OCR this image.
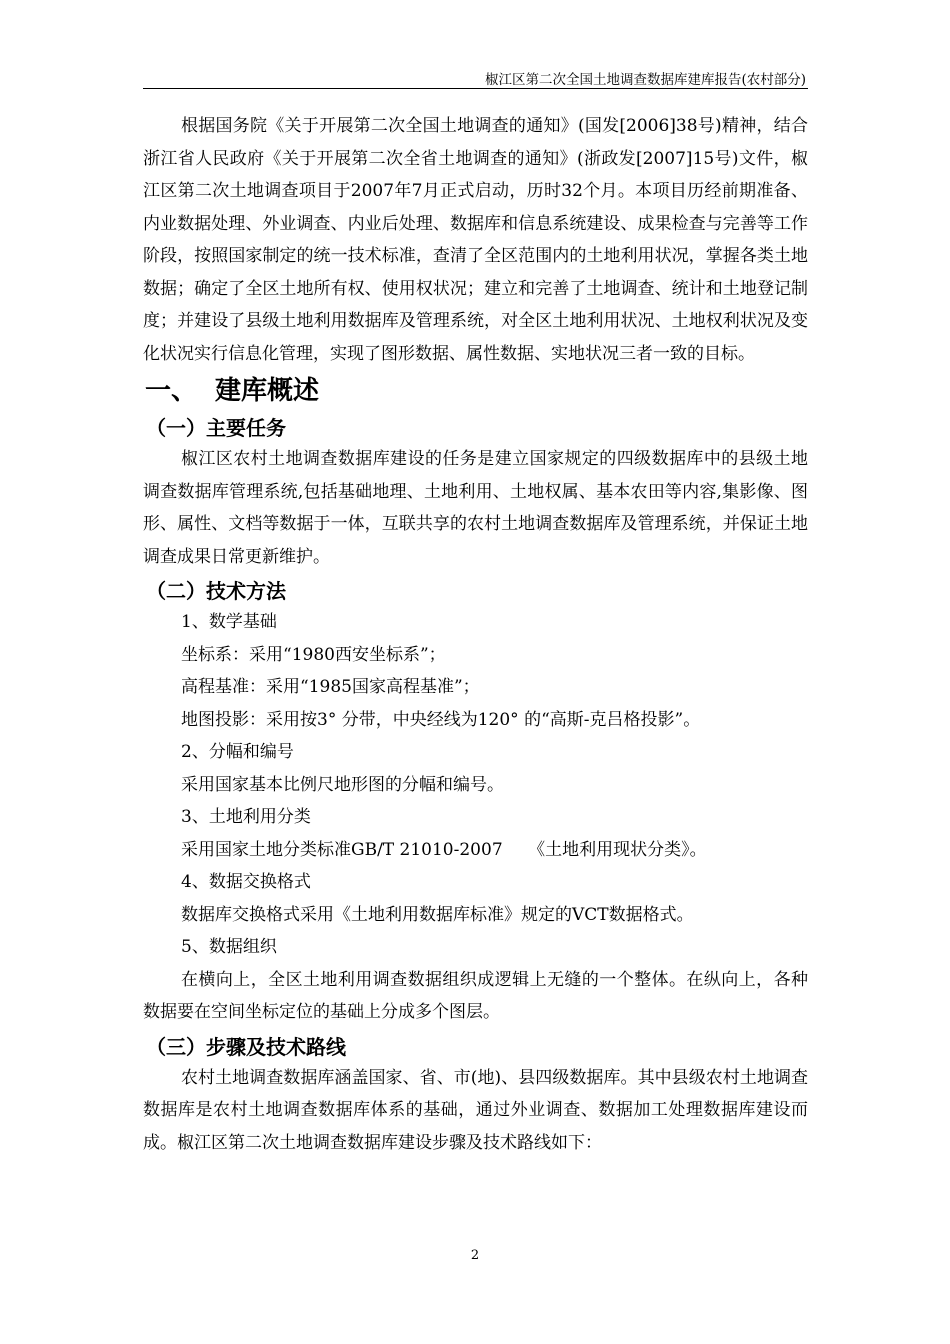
椒江区第二次全国土地调查数据库建库报告(农村部分)

根据国务院《关于开展第二次全国土地调查的通知》(国发[2006]38号)精神，结合浙江省人民政府《关于开展第二次全省土地调查的通知》(浙政发[2007]15号)文件，椒江区第二次土地调查项目于2007年7月正式启动，历时32个月。本项目历经前期准备、内业数据处理、外业调查、内业后处理、数据库和信息系统建设、成果检查与完善等工作阶段，按照国家制定的统一技术标准，查清了全区范围内的土地利用状况，掌握各类土地数据；确定了全区土地所有权、使用权状况；建立和完善了土地调查、统计和土地登记制度；并建设了县级土地利用数据库及管理系统，对全区土地利用状况、土地权利状况及变化状况实行信息化管理，实现了图形数据、属性数据、实地状况三者一致的目标。

一、 建库概述
（一）主要任务

椒江区农村土地调查数据库建设的任务是建立国家规定的四级数据库中的县级土地调查数据库管理系统,包括基础地理、土地利用、土地权属、基本农田等内容,集影像、图形、属性、文档等数据于一体，互联共享的农村土地调查数据库及管理系统，并保证土地调查成果日常更新维护。

（二）技术方法

1、数学基础

坐标系：采用“1980西安坐标系”；

高程基准：采用“1985国家高程基准”；

地图投影：采用按3° 分带，中央经线为120° 的“高斯-克吕格投影”。

2、分幅和编号

采用国家基本比例尺地形图的分幅和编号。

3、土地利用分类

采用国家土地分类标准GB/T 21010-2007　　《土地利用现状分类》。

4、数据交换格式

数据库交换格式采用《土地利用数据库标准》规定的VCT数据格式。

5、数据组织

在横向上，全区土地利用调查数据组织成逻辑上无缝的一个整体。在纵向上，各种数据要在空间坐标定位的基础上分成多个图层。

（三）步骤及技术路线

农村土地调查数据库涵盖国家、省、市(地)、县四级数据库。其中县级农村土地调查数据库是农村土地调查数据库体系的基础，通过外业调查、数据加工处理数据库建设而成。椒江区第二次土地调查数据库建设步骤及技术路线如下：

2
